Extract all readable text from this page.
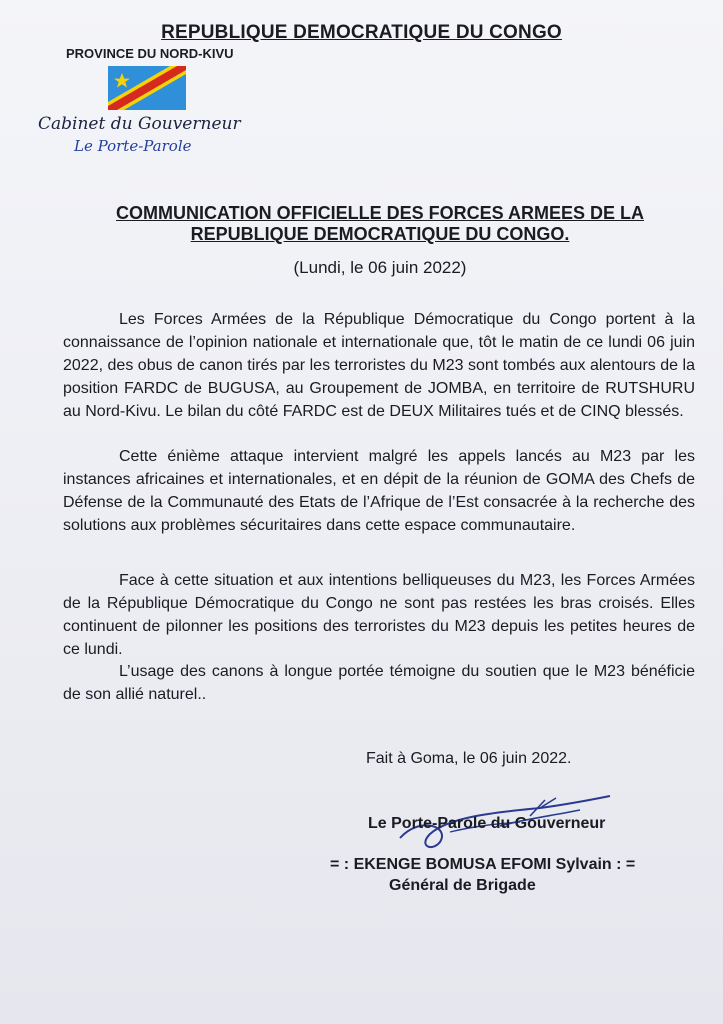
REPUBLIQUE DEMOCRATIQUE DU CONGO
PROVINCE DU NORD-KIVU
Cabinet du Gouverneur
Le Porte-Parole
COMMUNICATION OFFICIELLE DES FORCES ARMEES DE LA
REPUBLIQUE DEMOCRATIQUE DU CONGO.
(Lundi, le 06 juin 2022)

Les Forces Armées de la République Démocratique du Congo portent à la connaissance de l’opinion nationale et internationale que, tôt le matin de ce lundi 06 juin 2022, des obus de canon tirés par les terroristes du M23 sont tombés aux alentours de la position FARDC de BUGUSA, au Groupement de JOMBA, en territoire de RUTSHURU au Nord-Kivu. Le bilan du côté FARDC est de DEUX Militaires tués et de CINQ blessés.

Cette énième attaque intervient malgré les appels lancés au M23 par les instances africaines et internationales, et en dépit de la réunion de GOMA des Chefs de Défense de la Communauté des Etats de l’Afrique de l’Est consacrée à la recherche des solutions aux problèmes sécuritaires dans cette espace communautaire.

Face à cette situation et aux intentions belliqueuses du M23, les Forces Armées de la République Démocratique du Congo ne sont pas restées les bras croisés. Elles continuent de pilonner les positions des terroristes du M23 depuis les petites heures de ce lundi.

L’usage des canons à longue portée témoigne du soutien que le M23 bénéficie de son allié naturel..

Fait à Goma, le 06 juin 2022.
Le Porte-Parole du Gouverneur
= : EKENGE BOMUSA EFOMI Sylvain : =
Général de Brigade
